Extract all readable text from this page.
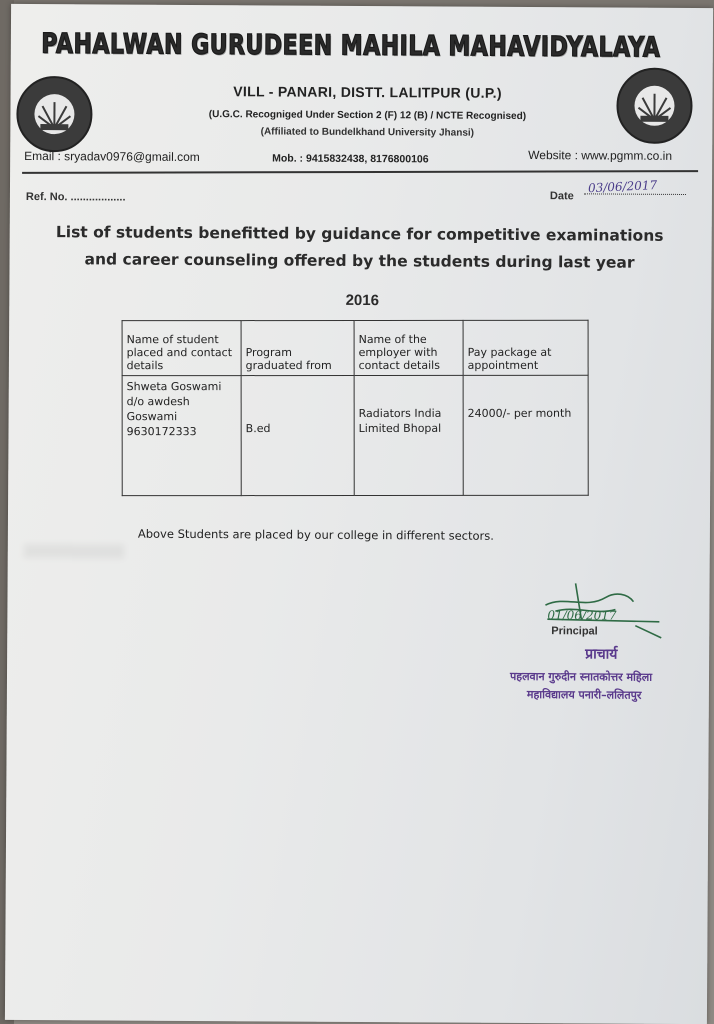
PAHALWAN GURUDEEN MAHILA MAHAVIDYALAYA
VILL - PANARI, DISTT. LALITPUR (U.P.)
(U.G.C. Recogniged Under Section 2 (F) 12 (B) / NCTE Recognised)
(Affiliated to Bundelkhand University Jhansi)
Email : sryadav0976@gmail.com	Mob. : 9415832438, 8176800106	Website : www.pgmm.co.in
Ref. No. ..................	Date
03/06/2017
List of students benefitted by guidance for competitive examinations
and career counseling offered by the students during last year
2016
Name of student placed and contact details	Program graduated from	Name of the employer with contact details	Pay package at appointment
Shweta Goswami
d/o awdesh
Goswami
9630172333	B.ed	Radiators India Limited Bhopal	24000/- per month
Above Students are placed by our college in different sectors.
01/06/2017
Principal
प्राचार्य
पहलवान गुरुदीन स्नातकोत्तर महिला
महाविद्यालय पनारी–ललितपुर
